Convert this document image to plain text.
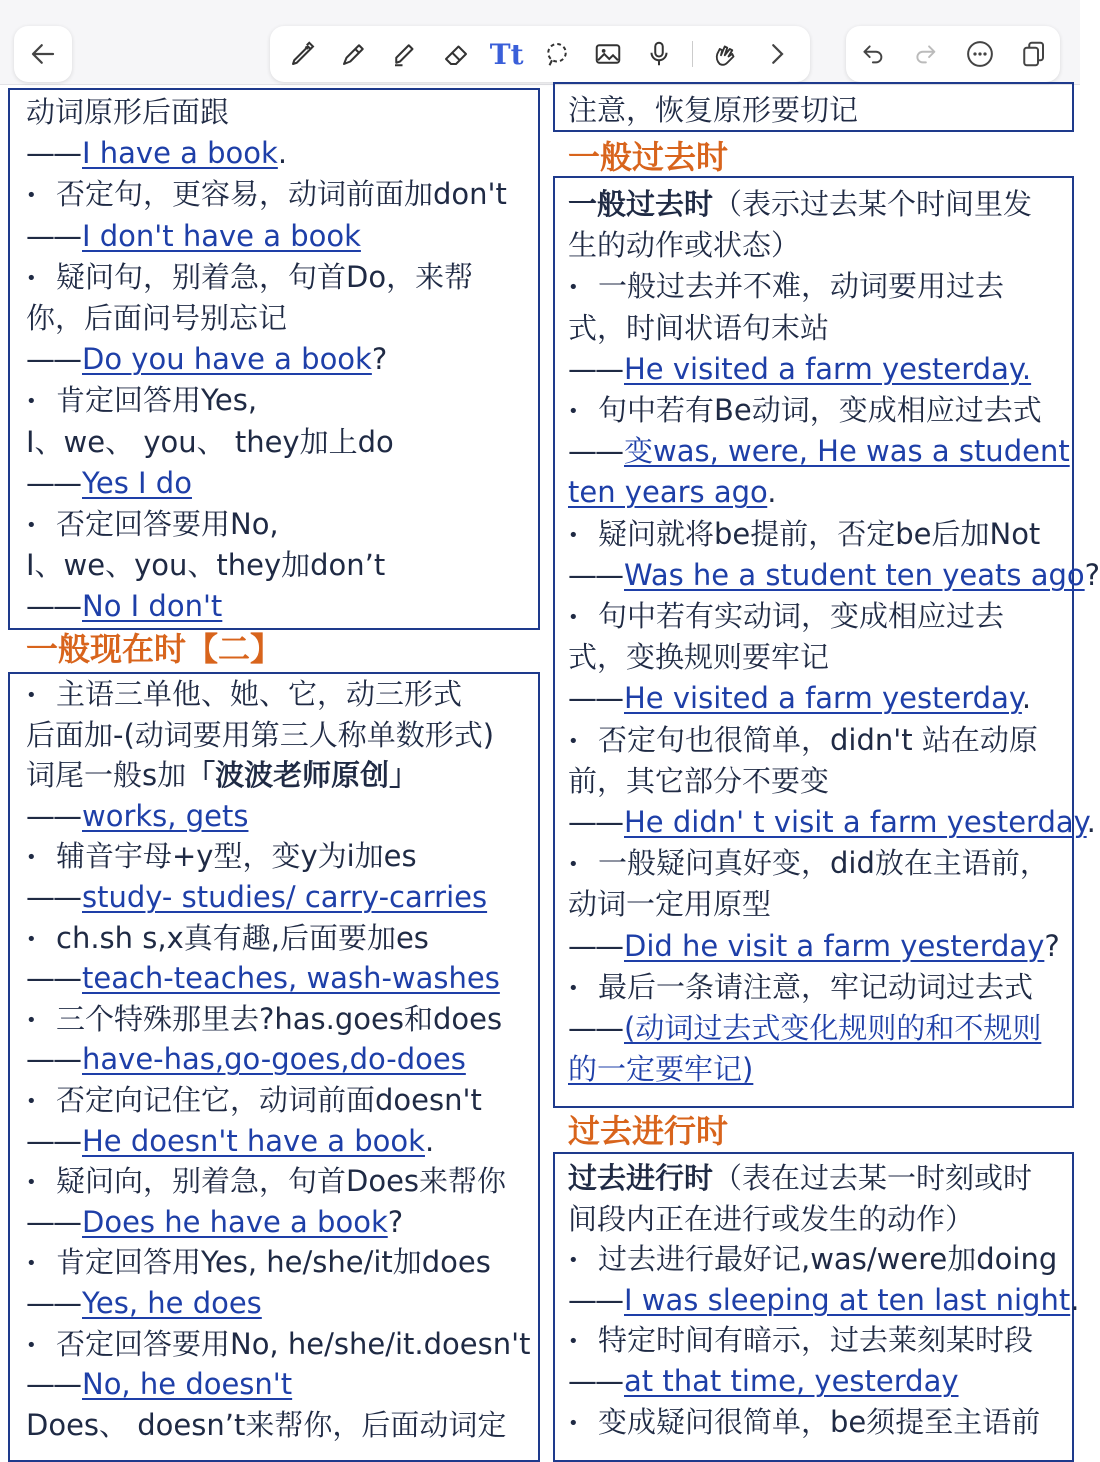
Tt
动词原形后面跟
——I have a book.
• 否定句，更容易，动词前面加don't
——I don't have a book
• 疑问句，别着急，句首Do，来帮
你，后面问号别忘记
——Do you have a book?
• 肯定回答用Yes,
I、we、 you、 they加上do
——Yes I do
• 否定回答要用No,
I、we、you、they加don’t
——No I don't
一般现在时【二】
• 主语三单他、她、它，动三形式
后面加-(动词要用第三人称单数形式)
词尾一般s加「波波老师原创」
——works, gets
• 辅音宇母+y型，变y为i加es
——study- studies/ carry-carries
• ch.sh s,x真有趣,后面要加es
——teach-teaches, wash-washes
• 三个特殊那里去?has.goes和does
——have-has,go-goes,do-does
• 否定向记住它，动词前面doesn't
——He doesn't have a book.
• 疑问向，别着急，句首Does来帮你
——Does he have a book?
• 肯定回答用Yes, he/she/it加does
——Yes, he does
• 否定回答要用No, he/she/it.doesn't
——No, he doesn't
Does、 doesn’t来帮你，后面动词定
注意，恢复原形要切记
一般过去时
一般过去时（表示过去某个时间里发
生的动作或状态）
• 一般过去并不难，动词要用过去
式，时间状语句末站
——He visited a farm yesterday.
• 句中若有Be动词，变成相应过去式
——变was, were, He was a student
ten years ago.
• 疑问就将be提前，否定be后加Not
——Was he a student ten yeats ago?
• 句中若有实动词，变成相应过去
式，变换规则要牢记
——He visited a farm yesterday.
• 否定句也很简单，didn't 站在动原
前，其它部分不要变
——He didn' t visit a farm yesterday.
• 一般疑问真好变，did放在主语前，
动词一定用原型
——Did he visit a farm yesterday?
• 最后一条请注意，牢记动词过去式
——(动词过去式变化规则的和不规则
的一定要牢记)
过去进行时
过去进行时（表在过去某一时刻或时
间段内正在进行或发生的动作）
• 过去进行最好记,was/were加doing
——I was sleeping at ten last night.
• 特定时间有暗示，过去莱刻某时段
——at that time, yesterday
• 变成疑问很简单，be须提至主语前
